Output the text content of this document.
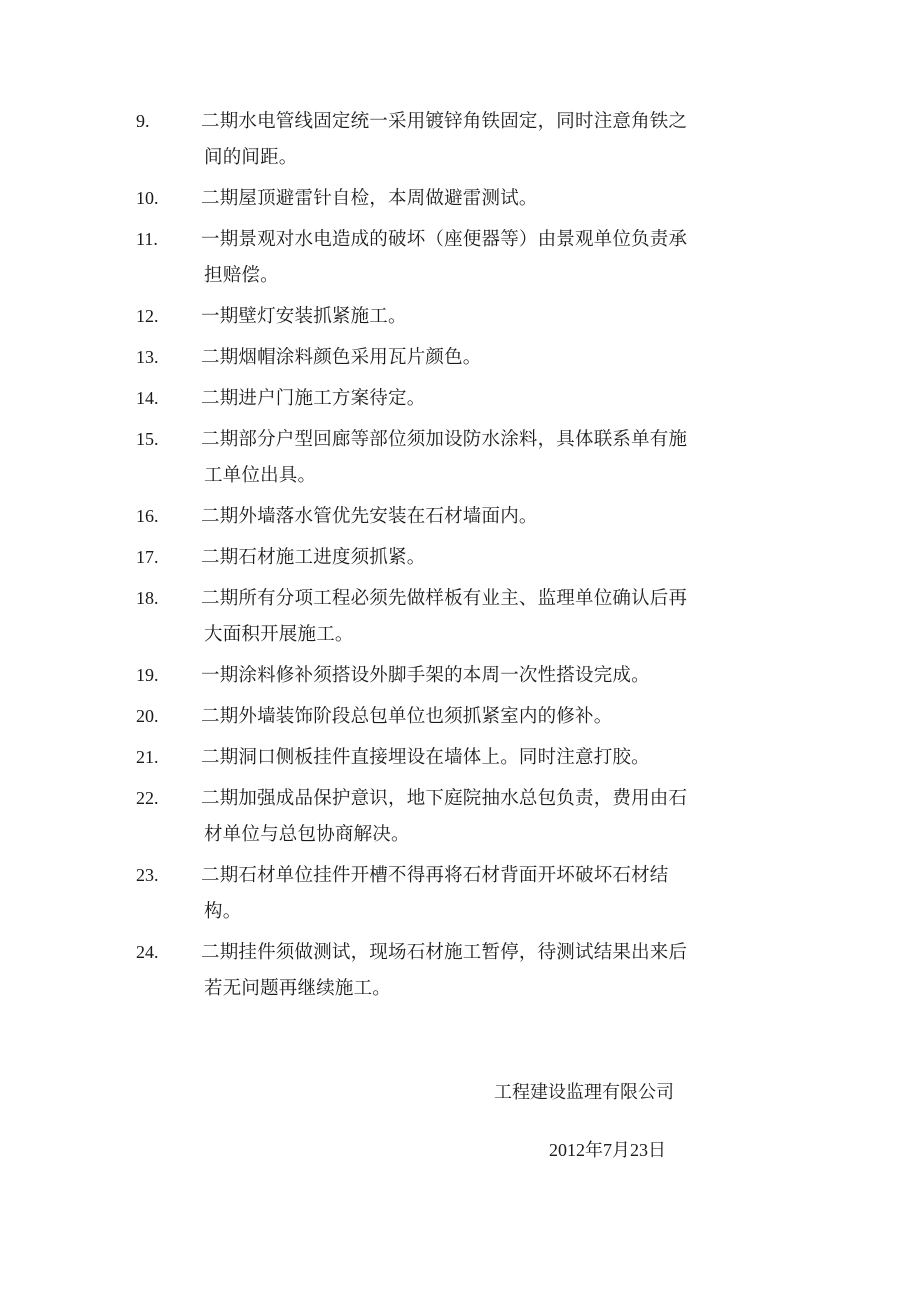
9.	二期水电管线固定统一采用镀锌角铁固定，同时注意角铁之间的间距。
10.	二期屋顶避雷针自检，本周做避雷测试。
11.	一期景观对水电造成的破坏（座便器等）由景观单位负责承担赔偿。
12.	一期壁灯安装抓紧施工。
13.	二期烟帽涂料颜色采用瓦片颜色。
14.	二期进户门施工方案待定。
15.	二期部分户型回廊等部位须加设防水涂料，具体联系单有施工单位出具。
16.	二期外墙落水管优先安装在石材墙面内。
17.	二期石材施工进度须抓紧。
18.	二期所有分项工程必须先做样板有业主、监理单位确认后再大面积开展施工。
19.	一期涂料修补须搭设外脚手架的本周一次性搭设完成。
20.	二期外墙装饰阶段总包单位也须抓紧室内的修补。
21.	二期洞口侧板挂件直接埋设在墙体上。同时注意打胶。
22.	二期加强成品保护意识，地下庭院抽水总包负责，费用由石材单位与总包协商解决。
23.	二期石材单位挂件开槽不得再将石材背面开坏破坏石材结构。
24.	二期挂件须做测试，现场石材施工暂停，待测试结果出来后若无问题再继续施工。
工程建设监理有限公司
2012年7月23日
